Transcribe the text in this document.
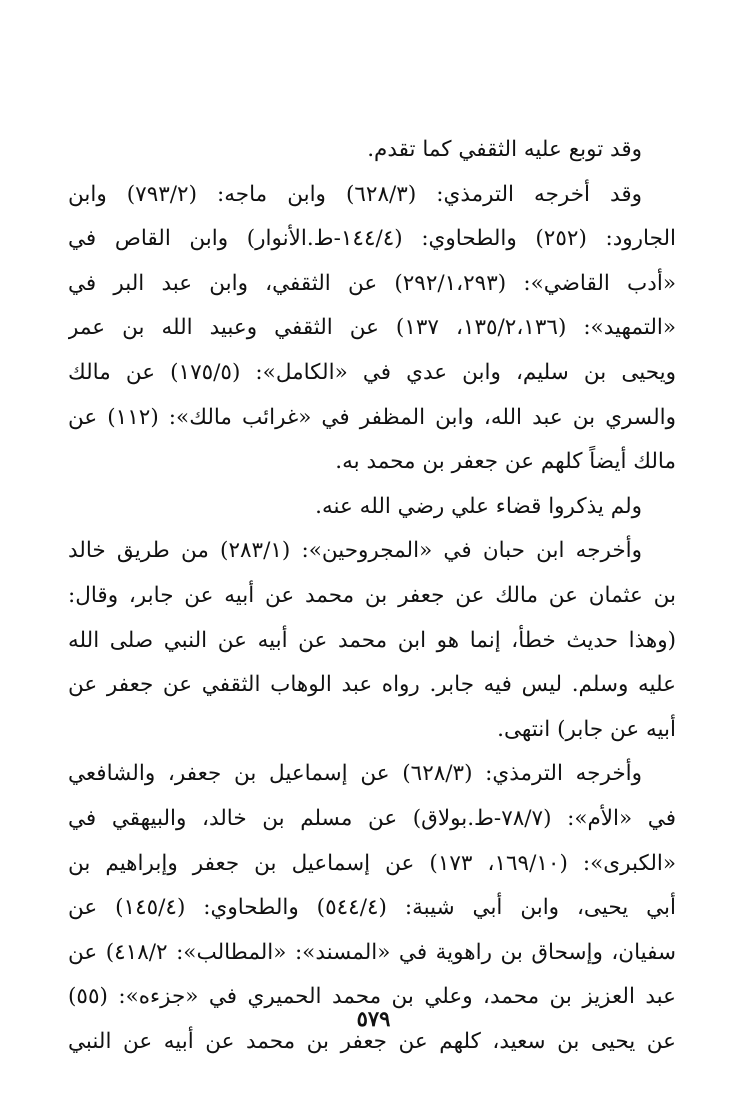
وقد توبع عليه الثقفي كما تقدم.
وقد أخرجه الترمذي: (٦٢٨/٣) وابن ماجه: (٧٩٣/٢) وابن
الجارود: (٢٥٢) والطحاوي: (١٤٤/٤-ط.الأنوار) وابن القاص في
«أدب القاضي»: (٢٩٢/١،٢٩٣) عن الثقفي، وابن عبد البر في
«التمهيد»: (١٣٥/٢،١٣٦، ١٣٧) عن الثقفي وعبيد الله بن عمر
ويحيى بن سليم، وابن عدي في «الكامل»: (١٧٥/٥) عن مالك
والسري بن عبد الله، وابن المظفر في «غرائب مالك»: (١١٢) عن
مالك أيضاً كلهم عن جعفر بن محمد به.
ولم يذكروا قضاء علي رضي الله عنه.
وأخرجه ابن حبان في «المجروحين»: (٢٨٣/١) من طريق خالد
بن عثمان عن مالك عن جعفر بن محمد عن أبيه عن جابر، وقال:
(وهذا حديث خطأ، إنما هو ابن محمد عن أبيه عن النبي صلى الله
عليه وسلم. ليس فيه جابر. رواه عبد الوهاب الثقفي عن جعفر عن
أبيه عن جابر) انتهى.
وأخرجه الترمذي: (٦٢٨/٣) عن إسماعيل بن جعفر، والشافعي
في «الأم»: (٧٨/٧-ط.بولاق) عن مسلم بن خالد، والبيهقي في
«الكبرى»: (١٦٩/١٠، ١٧٣) عن إسماعيل بن جعفر وإبراهيم بن
أبي يحيى، وابن أبي شيبة: (٥٤٤/٤) والطحاوي: (١٤٥/٤) عن
سفيان، وإسحاق بن راهوية في «المسند»: «المطالب»: ٤١٨/٢) عن
عبد العزيز بن محمد، وعلي بن محمد الحميري في «جزءه»: (٥٥)
عن يحيى بن سعيد، كلهم عن جعفر بن محمد عن أبيه عن النبي
٥٧٩
